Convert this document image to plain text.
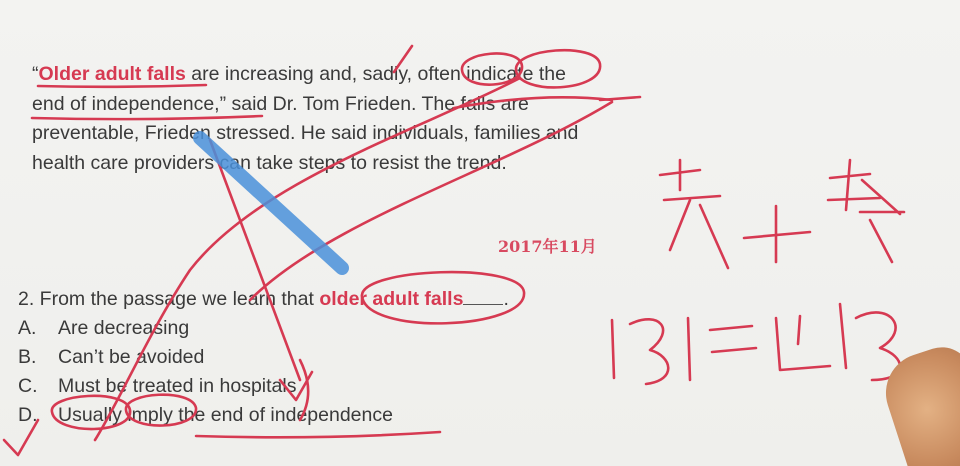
“Older adult falls are increasing and, sadly, often indicate the
end of independence,” said Dr. Tom Frieden. The falls are
preventable, Frieden stressed. He said individuals, families and
health care providers can take steps to resist the trend.
2017年11月
2. From the passage we learn that older adult falls .
A. Are decreasing
B. Can’t be avoided
C. Must be treated in hospitals
D. Usually imply the end of independence
